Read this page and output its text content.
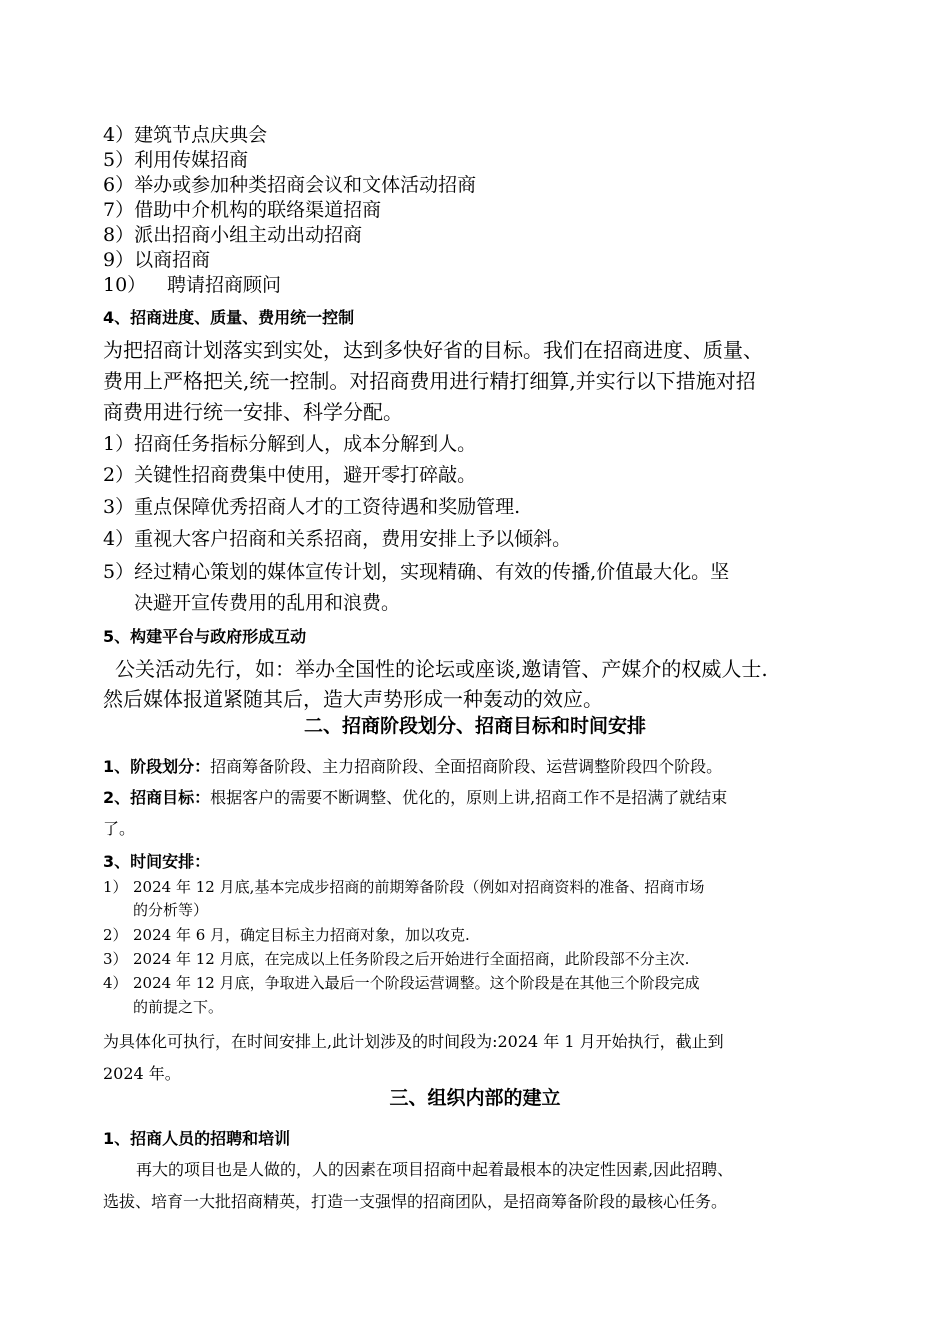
4）建筑节点庆典会
5）利用传媒招商
6）举办或参加种类招商会议和文体活动招商
7）借助中介机构的联络渠道招商
8）派出招商小组主动出动招商
9）以商招商
10） 聘请招商顾问
4、招商进度、质量、费用统一控制
为把招商计划落实到实处，达到多快好省的目标。我们在招商进度、质量、
费用上严格把关,统一控制。对招商费用进行精打细算,并实行以下措施对招
商费用进行统一安排、科学分配。
1）招商任务指标分解到人，成本分解到人。
2）关键性招商费集中使用，避开零打碎敲。
3）重点保障优秀招商人才的工资待遇和奖励管理.
4）重视大客户招商和关系招商，费用安排上予以倾斜。
5）经过精心策划的媒体宣传计划，实现精确、有效的传播,价值最大化。坚
决避开宣传费用的乱用和浪费。
5、构建平台与政府形成互动
公关活动先行，如：举办全国性的论坛或座谈,邀请管、产媒介的权威人士.
然后媒体报道紧随其后，造大声势形成一种轰动的效应。
二、招商阶段划分、招商目标和时间安排
1、阶段划分：招商筹备阶段、主力招商阶段、全面招商阶段、运营调整阶段四个阶段。
2、招商目标：根据客户的需要不断调整、优化的，原则上讲,招商工作不是招满了就结束
了。
3、时间安排：
1） 2024 年 12 月底,基本完成步招商的前期筹备阶段（例如对招商资料的准备、招商市场
的分析等）
2） 2024 年 6 月，确定目标主力招商对象，加以攻克.
3） 2024 年 12 月底，在完成以上任务阶段之后开始进行全面招商，此阶段部不分主次.
4） 2024 年 12 月底，争取进入最后一个阶段运营调整。这个阶段是在其他三个阶段完成
的前提之下。
为具体化可执行，在时间安排上,此计划涉及的时间段为:2024 年 1 月开始执行，截止到
2024 年。
三、组织内部的建立
1、招商人员的招聘和培训
再大的项目也是人做的，人的因素在项目招商中起着最根本的决定性因素,因此招聘、
选拔、培育一大批招商精英，打造一支强悍的招商团队，是招商筹备阶段的最核心任务。
